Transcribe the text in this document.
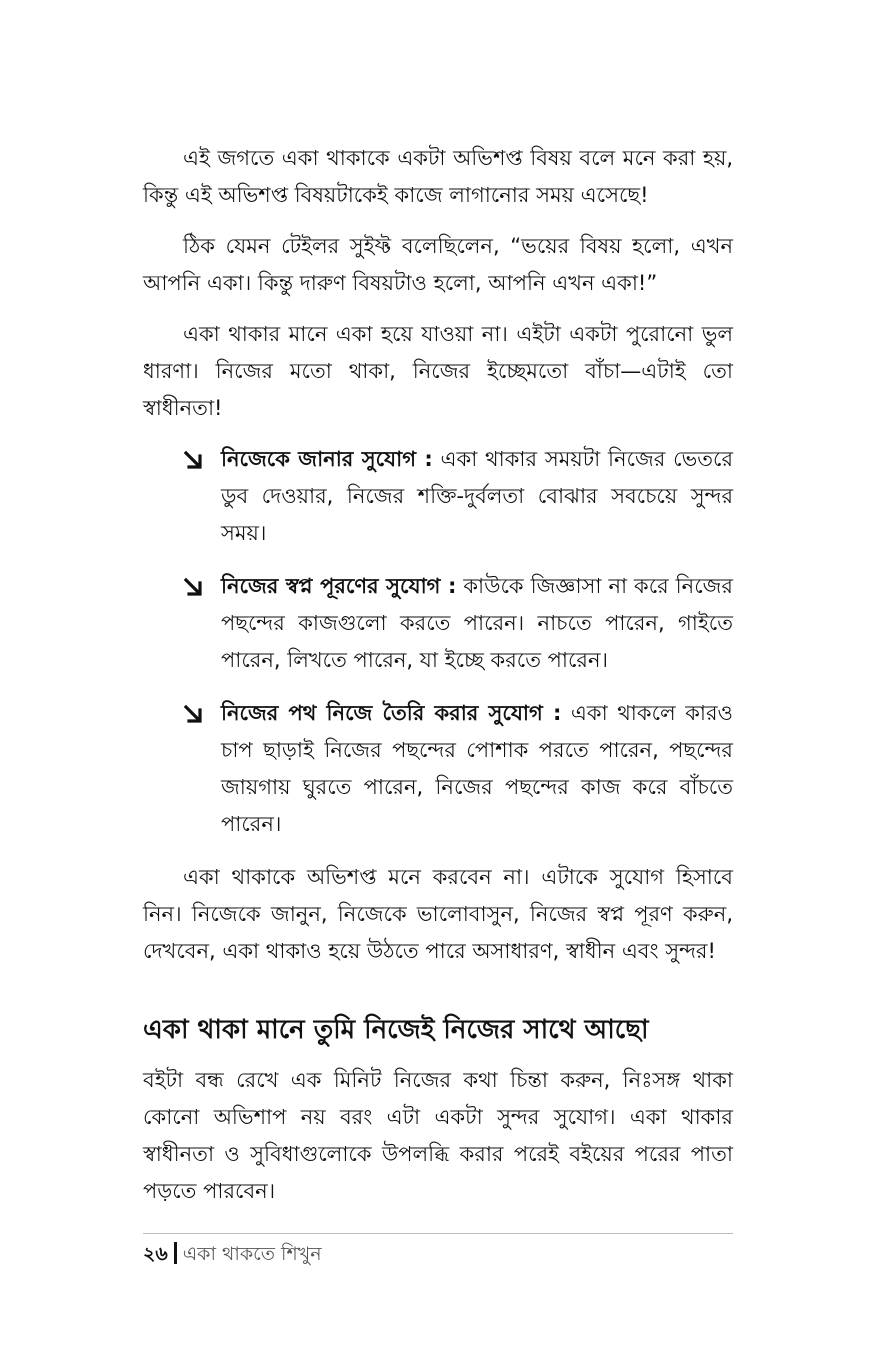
এই জগতে একা থাকাকে একটা অভিশপ্ত বিষয় বলে মনে করা হয়, কিন্তু এই অভিশপ্ত বিষয়টাকেই কাজে লাগানোর সময় এসেছে!

ঠিক যেমন টেইলর সুইফ্ট বলেছিলেন, “ভয়ের বিষয় হলো, এখন আপনি একা। কিন্তু দারুণ বিষয়টাও হলো, আপনি এখন একা!”

একা থাকার মানে একা হয়ে যাওয়া না। এইটা একটা পুরোনো ভুল ধারণা। নিজের মতো থাকা, নিজের ইচ্ছেমতো বাঁচা—এটাই তো স্বাধীনতা!

নিজেকে জানার সুযোগ : একা থাকার সময়টা নিজের ভেতরে ডুব দেওয়ার, নিজের শক্তি-দুর্বলতা বোঝার সবচেয়ে সুন্দর সময়।
নিজের স্বপ্ন পূরণের সুযোগ : কাউকে জিজ্ঞাসা না করে নিজের পছন্দের কাজগুলো করতে পারেন। নাচতে পারেন, গাইতে পারেন, লিখতে পারেন, যা ইচ্ছে করতে পারেন।
নিজের পথ নিজে তৈরি করার সুযোগ : একা থাকলে কারও চাপ ছাড়াই নিজের পছন্দের পোশাক পরতে পারেন, পছন্দের জায়গায় ঘুরতে পারেন, নিজের পছন্দের কাজ করে বাঁচতে পারেন।

একা থাকাকে অভিশপ্ত মনে করবেন না। এটাকে সুযোগ হিসাবে নিন। নিজেকে জানুন, নিজেকে ভালোবাসুন, নিজের স্বপ্ন পূরণ করুন, দেখবেন, একা থাকাও হয়ে উঠতে পারে অসাধারণ, স্বাধীন এবং সুন্দর!

একা থাকা মানে তুমি নিজেই নিজের সাথে আছো

বইটা বন্ধ রেখে এক মিনিট নিজের কথা চিন্তা করুন, নিঃসঙ্গ থাকা কোনো অভিশাপ নয় বরং এটা একটা সুন্দর সুযোগ। একা থাকার স্বাধীনতা ও সুবিধাগুলোকে উপলব্ধি করার পরেই বইয়ের পরের পাতা পড়তে পারবেন।

২৬ একা থাকতে শিখুন
